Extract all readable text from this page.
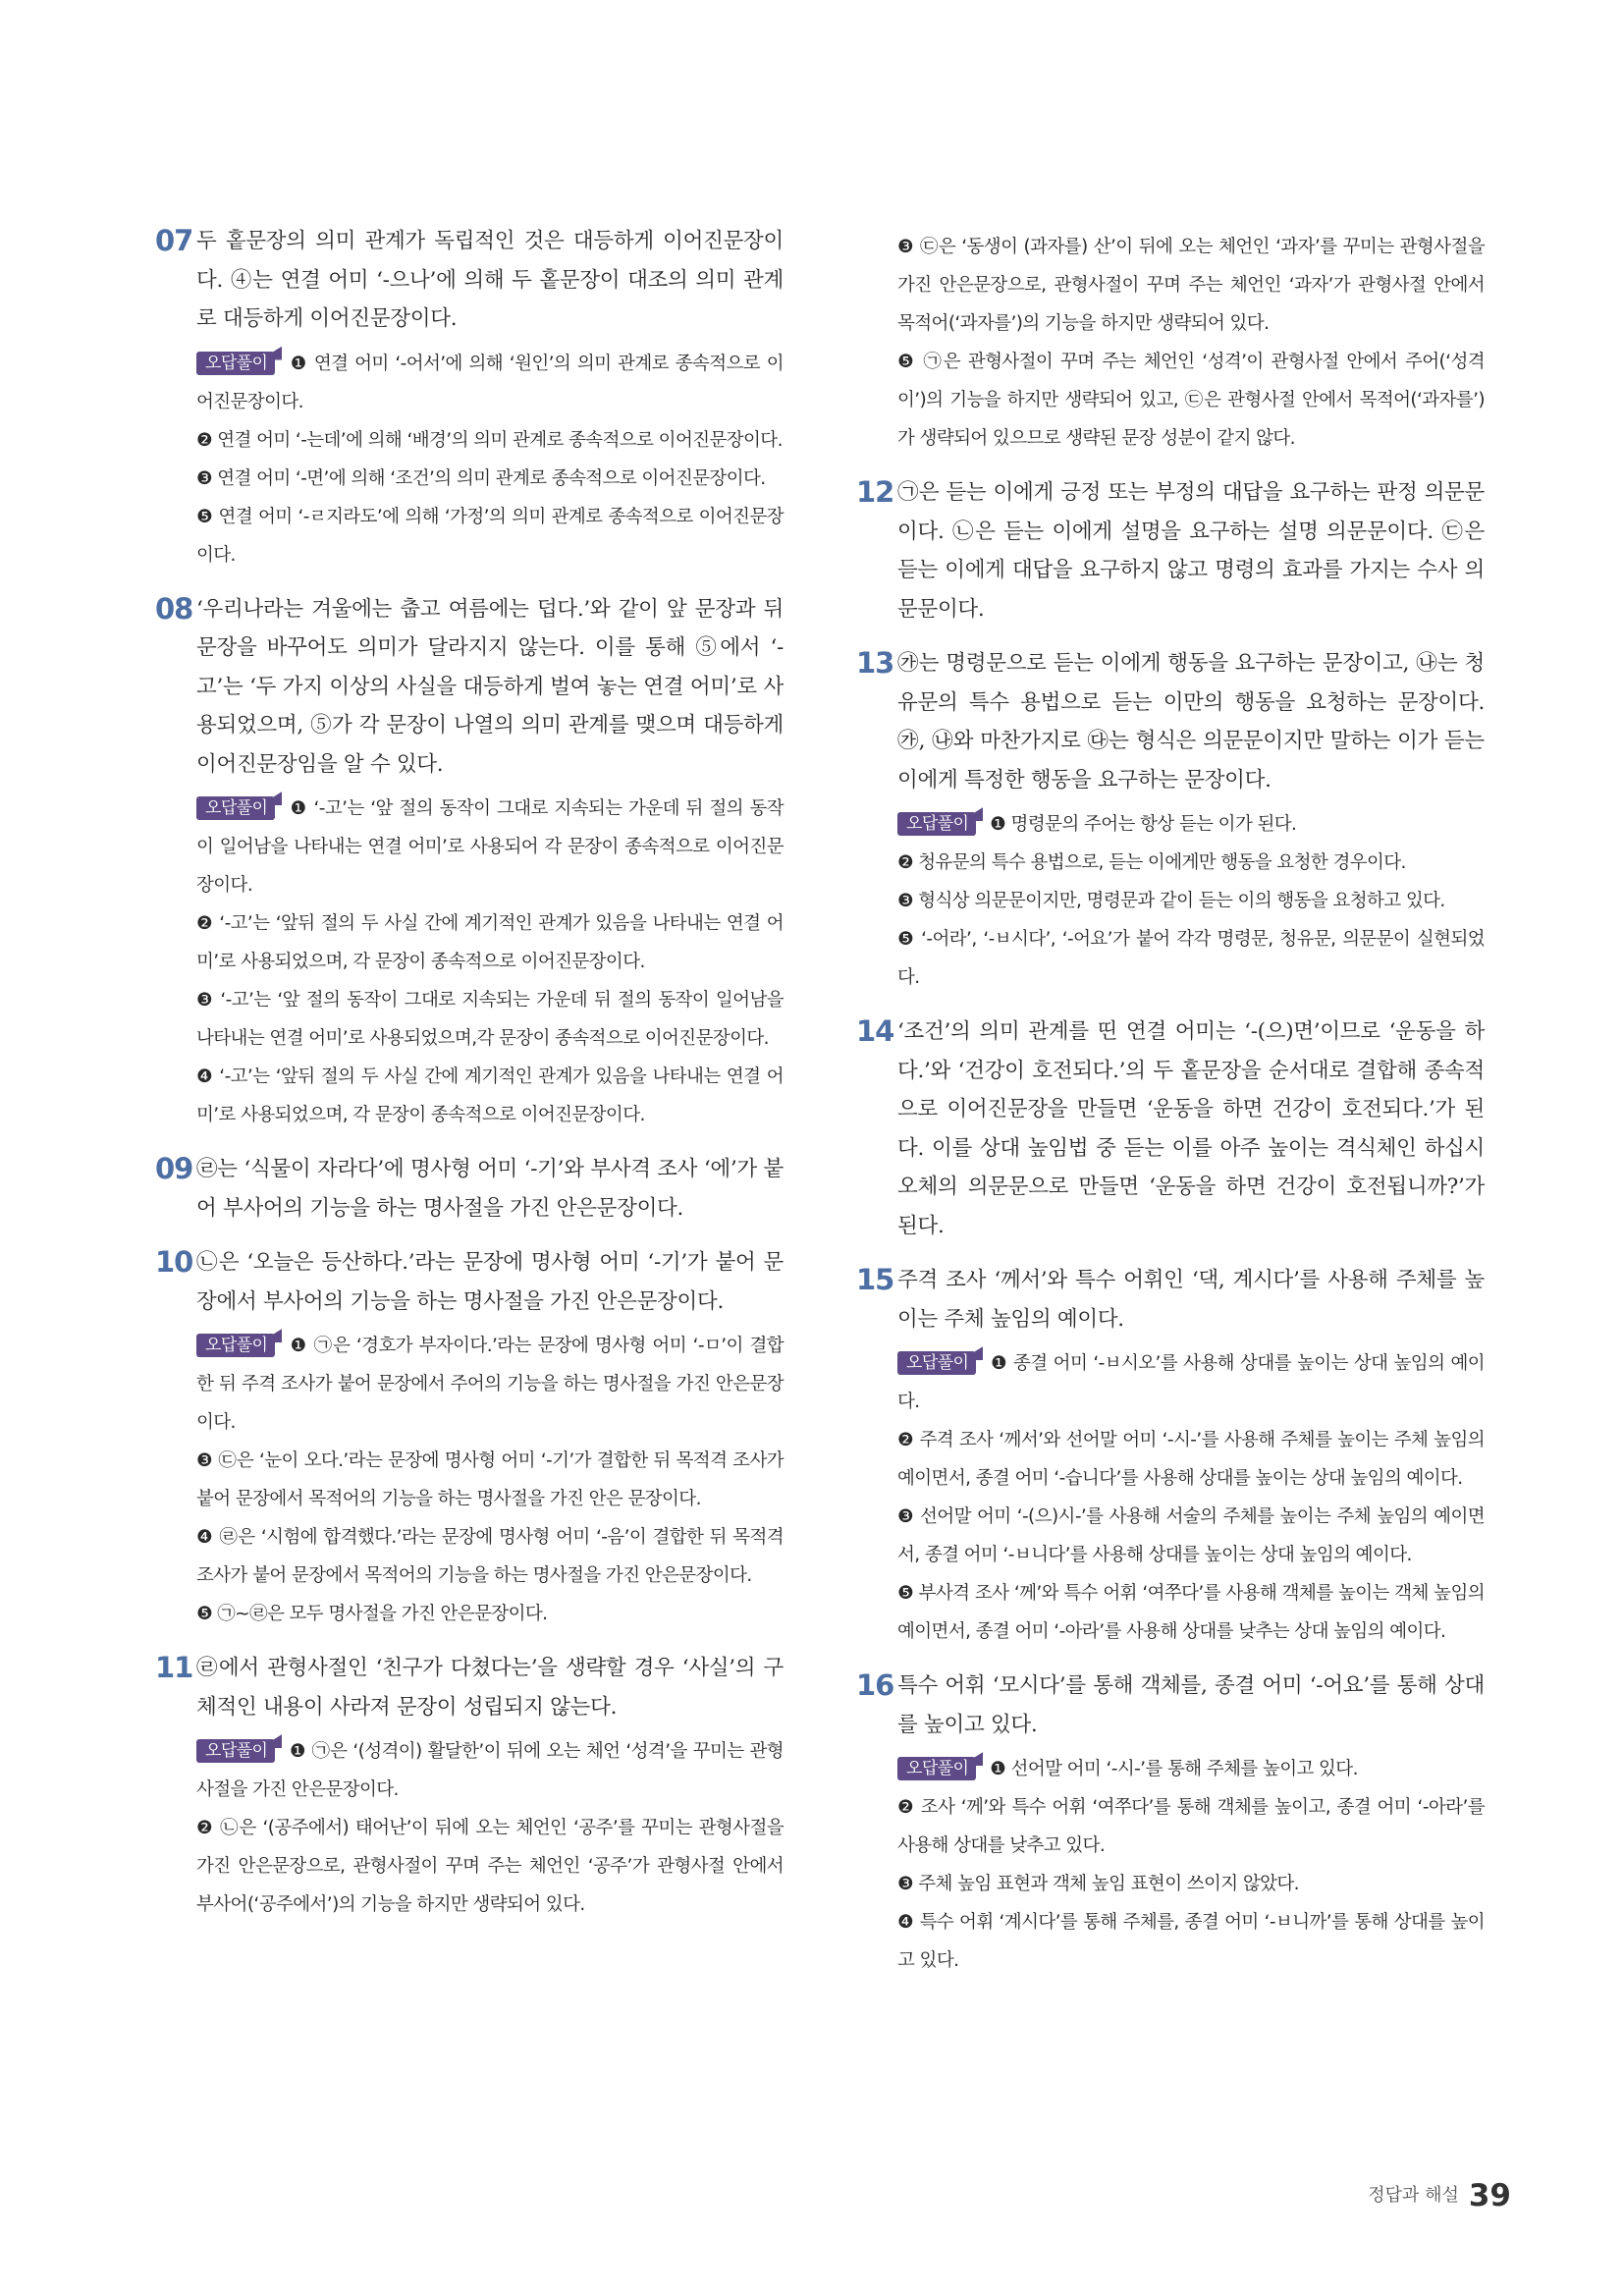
07 두 홑문장의 의미 관계가 독립적인 것은 대등하게 이어진문장이다. ④는 연결 어미 ‘-으나’에 의해 두 홑문장이 대조의 의미 관계로 대등하게 이어진문장이다.

오답풀이 ❶ 연결 어미 ‘-어서’에 의해 ‘원인’의 의미 관계로 종속적으로 이어진문장이다.

❷ 연결 어미 ‘-는데’에 의해 ‘배경’의 의미 관계로 종속적으로 이어진문장이다.

❸ 연결 어미 ‘-면’에 의해 ‘조건’의 의미 관계로 종속적으로 이어진문장이다.

❺ 연결 어미 ‘-ㄹ지라도’에 의해 ‘가정’의 의미 관계로 종속적으로 이어진문장이다.

08 ‘우리나라는 겨울에는 춥고 여름에는 덥다.’와 같이 앞 문장과 뒤 문장을 바꾸어도 의미가 달라지지 않는다. 이를 통해 ⑤에서 ‘-고’는 ‘두 가지 이상의 사실을 대등하게 벌여 놓는 연결 어미’로 사용되었으며, ⑤가 각 문장이 나열의 의미 관계를 맺으며 대등하게 이어진문장임을 알 수 있다.

오답풀이 ❶ ‘-고’는 ‘앞 절의 동작이 그대로 지속되는 가운데 뒤 절의 동작이 일어남을 나타내는 연결 어미’로 사용되어 각 문장이 종속적으로 이어진문장이다.

❷ ‘-고’는 ‘앞뒤 절의 두 사실 간에 계기적인 관계가 있음을 나타내는 연결 어미’로 사용되었으며, 각 문장이 종속적으로 이어진문장이다.

❸ ‘-고’는 ‘앞 절의 동작이 그대로 지속되는 가운데 뒤 절의 동작이 일어남을 나타내는 연결 어미’로 사용되었으며,각 문장이 종속적으로 이어진문장이다.

❹ ‘-고’는 ‘앞뒤 절의 두 사실 간에 계기적인 관계가 있음을 나타내는 연결 어미’로 사용되었으며, 각 문장이 종속적으로 이어진문장이다.

09 ㉣는 ‘식물이 자라다’에 명사형 어미 ‘-기’와 부사격 조사 ‘에’가 붙어 부사어의 기능을 하는 명사절을 가진 안은문장이다.
10 ㉡은 ‘오늘은 등산하다.’라는 문장에 명사형 어미 ‘-기’가 붙어 문장에서 부사어의 기능을 하는 명사절을 가진 안은문장이다.

오답풀이 ❶ ㉠은 ‘경호가 부자이다.’라는 문장에 명사형 어미 ‘-ㅁ’이 결합한 뒤 주격 조사가 붙어 문장에서 주어의 기능을 하는 명사절을 가진 안은문장이다.

❸ ㉢은 ‘눈이 오다.’라는 문장에 명사형 어미 ‘-기’가 결합한 뒤 목적격 조사가 붙어 문장에서 목적어의 기능을 하는 명사절을 가진 안은 문장이다.

❹ ㉣은 ‘시험에 합격했다.’라는 문장에 명사형 어미 ‘-음’이 결합한 뒤 목적격 조사가 붙어 문장에서 목적어의 기능을 하는 명사절을 가진 안은문장이다.

❺ ㉠∼㉣은 모두 명사절을 가진 안은문장이다.

11 ㉣에서 관형사절인 ‘친구가 다쳤다는’을 생략할 경우 ‘사실’의 구체적인 내용이 사라져 문장이 성립되지 않는다.

오답풀이 ❶ ㉠은 ‘(성격이) 활달한’이 뒤에 오는 체언 ‘성격’을 꾸미는 관형사절을 가진 안은문장이다.

❷ ㉡은 ‘(공주에서) 태어난’이 뒤에 오는 체언인 ‘공주’를 꾸미는 관형사절을 가진 안은문장으로, 관형사절이 꾸며 주는 체언인 ‘공주’가 관형사절 안에서 부사어(‘공주에서’)의 기능을 하지만 생략되어 있다.

❸ ㉢은 ‘동생이 (과자를) 산’이 뒤에 오는 체언인 ‘과자’를 꾸미는 관형사절을 가진 안은문장으로, 관형사절이 꾸며 주는 체언인 ‘과자’가 관형사절 안에서 목적어(‘과자를’)의 기능을 하지만 생략되어 있다.

❺ ㉠은 관형사절이 꾸며 주는 체언인 ‘성격’이 관형사절 안에서 주어(‘성격이’)의 기능을 하지만 생략되어 있고, ㉢은 관형사절 안에서 목적어(‘과자를’)가 생략되어 있으므로 생략된 문장 성분이 같지 않다.

12 ㉠은 듣는 이에게 긍정 또는 부정의 대답을 요구하는 판정 의문문이다. ㉡은 듣는 이에게 설명을 요구하는 설명 의문문이다. ㉢은 듣는 이에게 대답을 요구하지 않고 명령의 효과를 가지는 수사 의문문이다.
13 ㉮는 명령문으로 듣는 이에게 행동을 요구하는 문장이고, ㉯는 청유문의 특수 용법으로 듣는 이만의 행동을 요청하는 문장이다. ㉮, ㉯와 마찬가지로 ㉰는 형식은 의문문이지만 말하는 이가 듣는 이에게 특정한 행동을 요구하는 문장이다.

오답풀이 ❶ 명령문의 주어는 항상 듣는 이가 된다.

❷ 청유문의 특수 용법으로, 듣는 이에게만 행동을 요청한 경우이다.

❸ 형식상 의문문이지만, 명령문과 같이 듣는 이의 행동을 요청하고 있다.

❺ ‘-어라’, ‘-ㅂ시다’, ‘-어요’가 붙어 각각 명령문, 청유문, 의문문이 실현되었다.

14 ‘조건’의 의미 관계를 띤 연결 어미는 ‘-(으)면’이므로 ‘운동을 하다.’와 ‘건강이 호전되다.’의 두 홑문장을 순서대로 결합해 종속적으로 이어진문장을 만들면 ‘운동을 하면 건강이 호전되다.’가 된다. 이를 상대 높임법 중 듣는 이를 아주 높이는 격식체인 하십시오체의 의문문으로 만들면 ‘운동을 하면 건강이 호전됩니까?’가 된다.
15 주격 조사 ‘께서’와 특수 어휘인 ‘댁, 계시다’를 사용해 주체를 높이는 주체 높임의 예이다.

오답풀이 ❶ 종결 어미 ‘-ㅂ시오’를 사용해 상대를 높이는 상대 높임의 예이다.

❷ 주격 조사 ‘께서’와 선어말 어미 ‘-시-’를 사용해 주체를 높이는 주체 높임의 예이면서, 종결 어미 ‘-습니다’를 사용해 상대를 높이는 상대 높임의 예이다.

❸ 선어말 어미 ‘-(으)시-’를 사용해 서술의 주체를 높이는 주체 높임의 예이면서, 종결 어미 ‘-ㅂ니다’를 사용해 상대를 높이는 상대 높임의 예이다.

❺ 부사격 조사 ‘께’와 특수 어휘 ‘여쭈다’를 사용해 객체를 높이는 객체 높임의 예이면서, 종결 어미 ‘-아라’를 사용해 상대를 낮추는 상대 높임의 예이다.

16 특수 어휘 ‘모시다’를 통해 객체를, 종결 어미 ‘-어요’를 통해 상대를 높이고 있다.

오답풀이 ❶ 선어말 어미 ‘-시-’를 통해 주체를 높이고 있다.

❷ 조사 ‘께’와 특수 어휘 ‘여쭈다’를 통해 객체를 높이고, 종결 어미 ‘-아라’를 사용해 상대를 낮추고 있다.

❸ 주체 높임 표현과 객체 높임 표현이 쓰이지 않았다.

❹ 특수 어휘 ‘계시다’를 통해 주체를, 종결 어미 ‘-ㅂ니까’를 통해 상대를 높이고 있다.

정답과 해설 39
